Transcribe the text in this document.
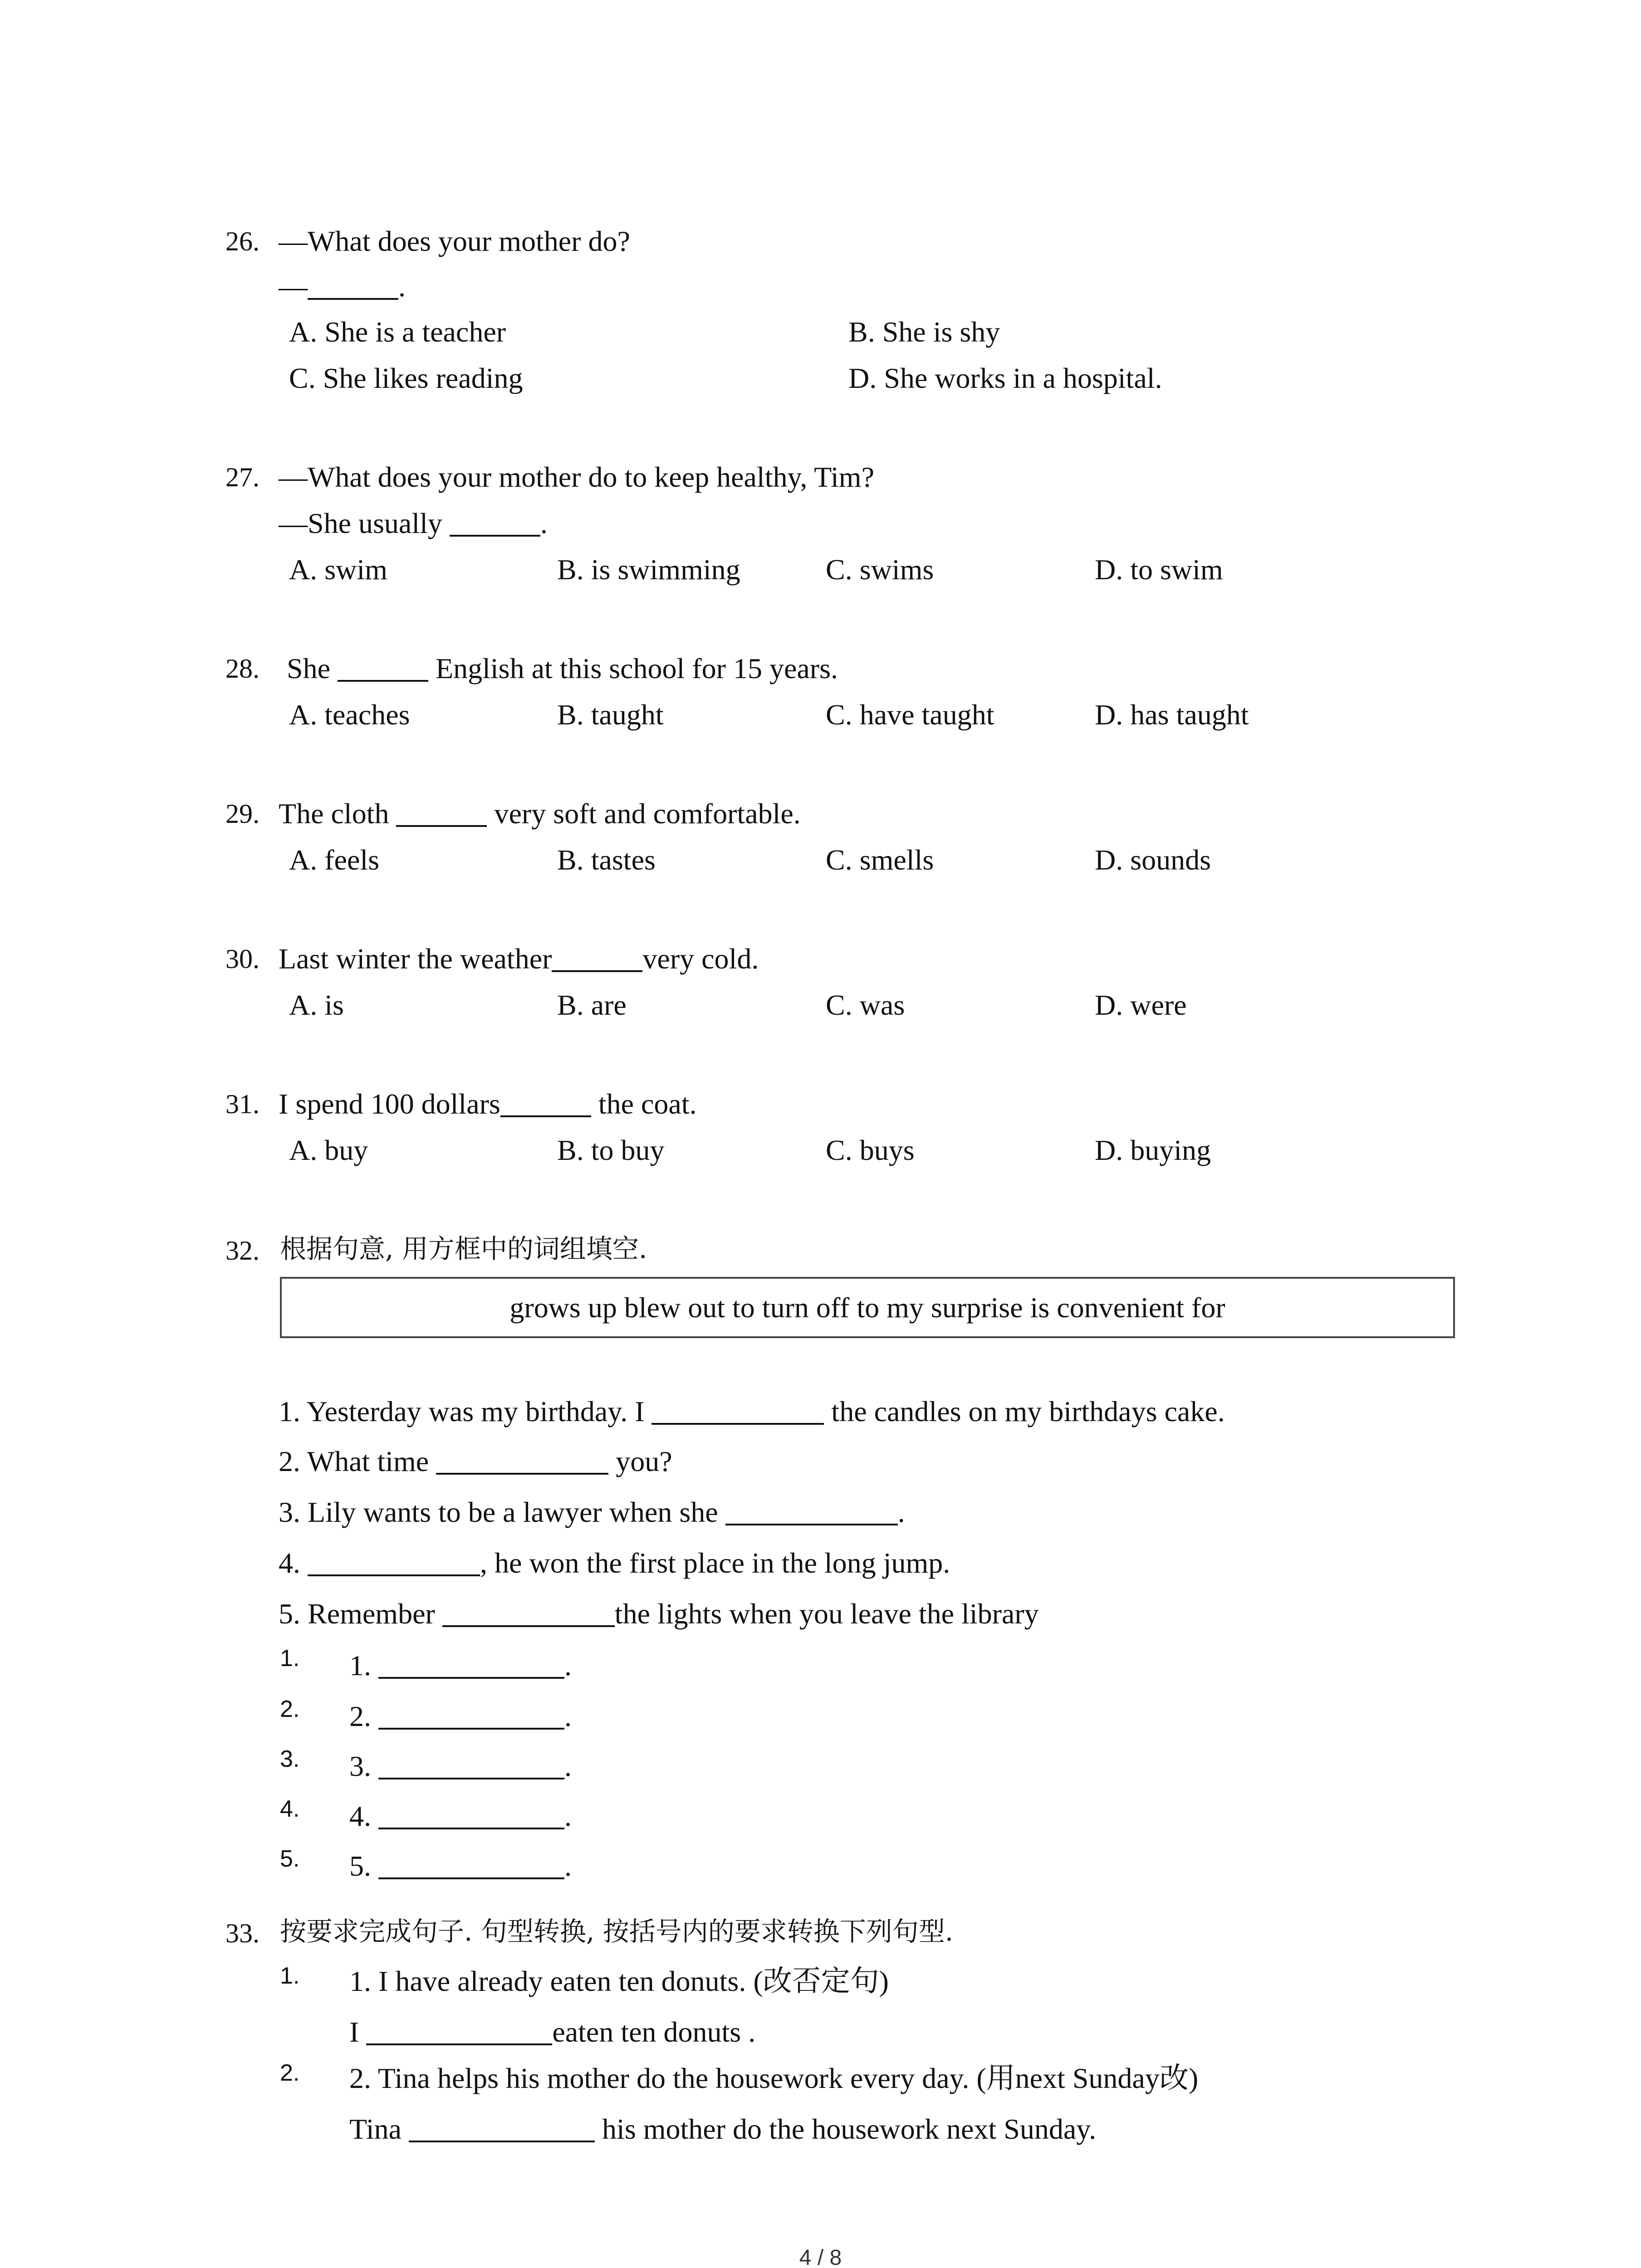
26. —What does your mother do?
—	.
A. She is a teacher	B. She is shy
C. She likes reading	D. She works in a hospital.
27. —What does your mother do to keep healthy, Tim?
—She usually	.
A. swim	B. is swimming	C. swims	D. to swim
28. She	English at this school for 15 years.
A. teaches	B. taught	C. have taught	D. has taught
29. The cloth	very soft and comfortable.
A. feels	B. tastes	C. smells	D. sounds
30. Last winter the weather	very cold.
A. is	B. are	C. was	D. were
31. I spend 100 dollars	the coat.
A. buy	B. to buy	C. buys	D. buying
32. 根据句意, 用方框中的词组填空.
grows up blew out to turn off to my surprise is convenient for
1. Yesterday was my birthday. I	the candles on my birthdays cake.
2. What time	you?
3. Lily wants to be a lawyer when she	.
4.	, he won the first place in the long jump.
5. Remember	the lights when you leave the library
1. 1.	.
2. 2.	.
3. 3.	.
4. 4.	.
5. 5.	.
33. 按要求完成句子. 句型转换, 按括号内的要求转换下列句型.
1. 1. I have already eaten ten donuts. (改否定句)
I	eaten ten donuts .
2. 2. Tina helps his mother do the housework every day. (用next Sunday改)
Tina	his mother do the housework next Sunday.
4 / 8
